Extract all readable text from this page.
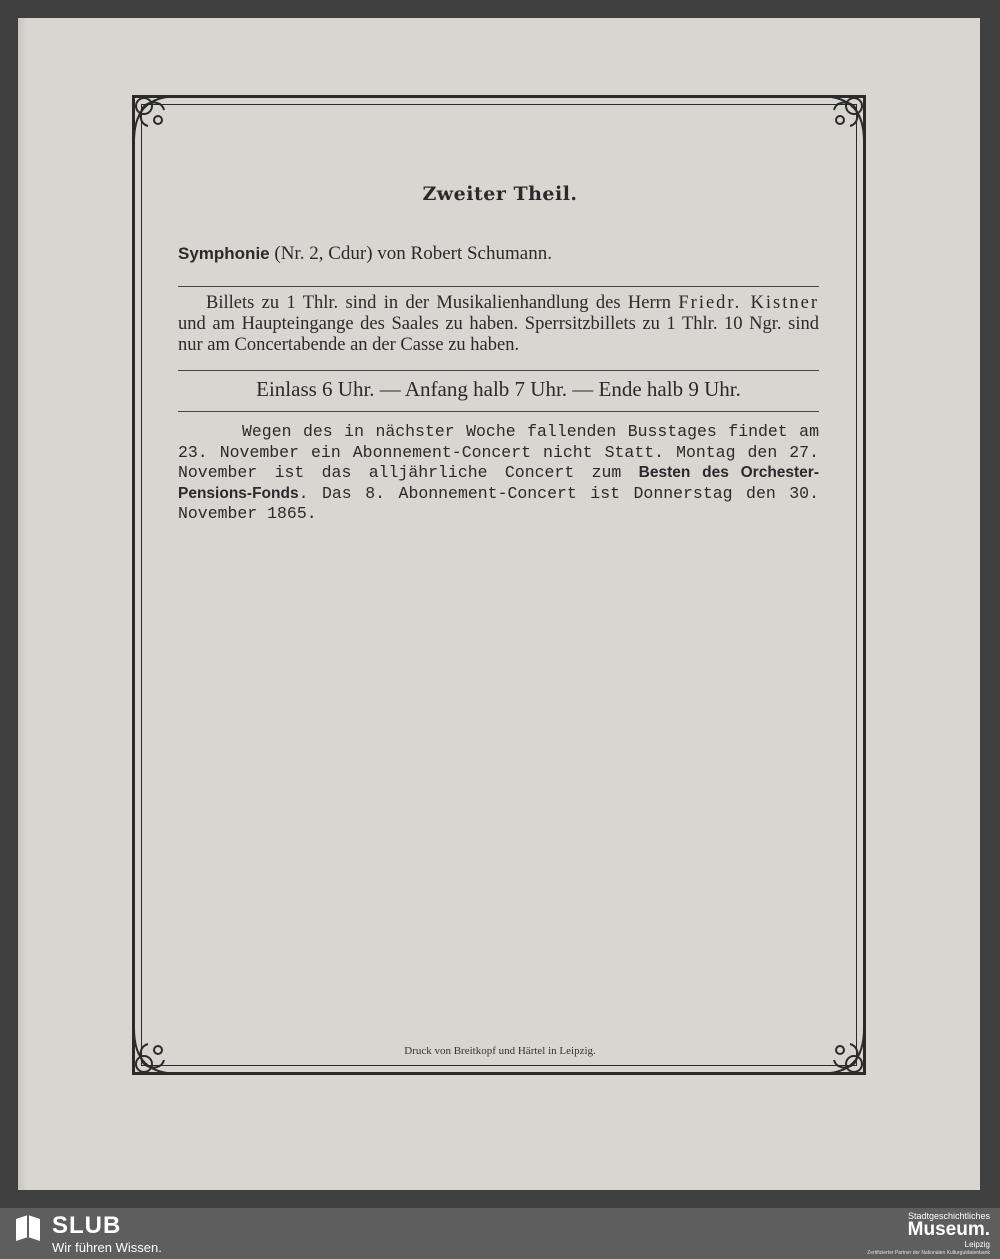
Zweiter Theil.
Symphonie (Nr. 2, Cdur) von Robert Schumann.
Billets zu 1 Thlr. sind in der Musikalienhandlung des Herrn Friedr. Kistner und am Haupteingange des Saales zu haben. Sperrsitzbillets zu 1 Thlr. 10 Ngr. sind nur am Concertabende an der Casse zu haben.
Einlass 6 Uhr. — Anfang halb 7 Uhr. — Ende halb 9 Uhr.
Wegen des in nächster Woche fallenden Busstages findet am 23. November ein Abonnement-Concert nicht Statt. Montag den 27. November ist das alljährliche Concert zum Besten des Orchester-Pensions-Fonds. Das 8. Abonnement-Concert ist Donnerstag den 30. November 1865.
Druck von Breitkopf und Härtel in Leipzig.
SLUB
Wir führen Wissen.
Stadtgeschichtliches
Museum.
Leipzig
Zertifizierter Partner der Nationalen Kulturgutdatenbank
